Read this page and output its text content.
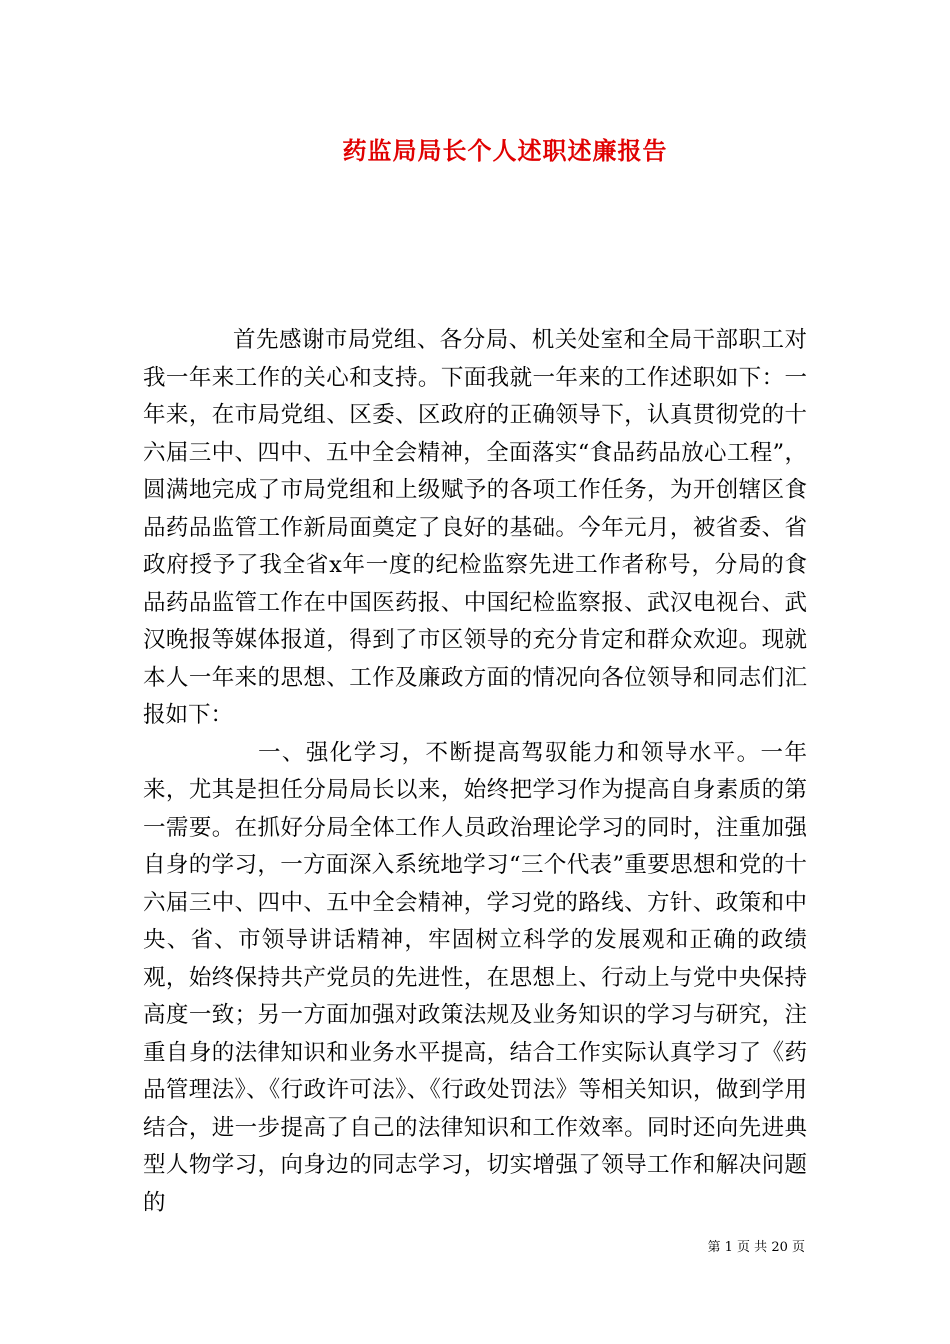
药监局局长个人述职述廉报告

首先感谢市局党组、各分局、机关处室和全局干部职工对我一年来工作的关心和支持。下面我就一年来的工作述职如下：一年来，在市局党组、区委、区政府的正确领导下，认真贯彻党的十六届三中、四中、五中全会精神，全面落实“食品药品放心工程”，圆满地完成了市局党组和上级赋予的各项工作任务，为开创辖区食品药品监管工作新局面奠定了良好的基础。今年元月，被省委、省政府授予了我全省x年一度的纪检监察先进工作者称号，分局的食品药品监管工作在中国医药报、中国纪检监察报、武汉电视台、武汉晚报等媒体报道，得到了市区领导的充分肯定和群众欢迎。现就本人一年来的思想、工作及廉政方面的情况向各位领导和同志们汇报如下：

一、强化学习，不断提高驾驭能力和领导水平。一年来，尤其是担任分局局长以来，始终把学习作为提高自身素质的第一需要。在抓好分局全体工作人员政治理论学习的同时，注重加强自身的学习，一方面深入系统地学习“三个代表”重要思想和党的十六届三中、四中、五中全会精神，学习党的路线、方针、政策和中央、省、市领导讲话精神，牢固树立科学的发展观和正确的政绩观，始终保持共产党员的先进性，在思想上、行动上与党中央保持高度一致；另一方面加强对政策法规及业务知识的学习与研究，注重自身的法律知识和业务水平提高，结合工作实际认真学习了《药品管理法》、《行政许可法》、《行政处罚法》等相关知识，做到学用结合，进一步提高了自己的法律知识和工作效率。同时还向先进典型人物学习，向身边的同志学习，切实增强了领导工作和解决问题的

第 1 页 共 20 页
